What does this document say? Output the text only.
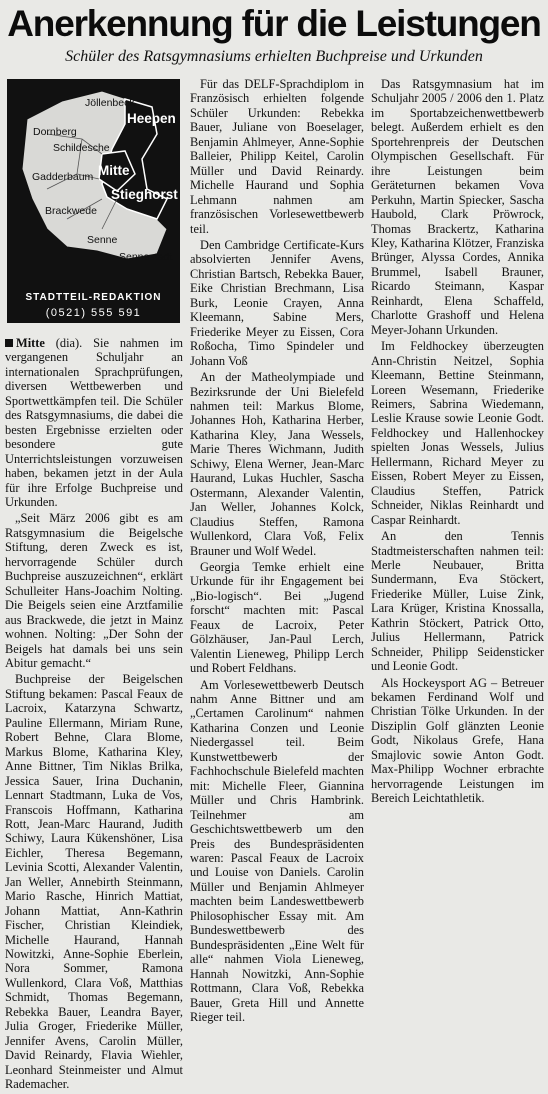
Anerkennung für die Leistungen
Schüler des Ratsgymnasiums erhielten Buchpreise und Urkunden
Jöllenbeck
Dornberg
Schildesche
Heepen
Mitte
Gadderbaum
Stieghorst
Brackwede
Senne
Sennestadt
STADTTEIL-REDAKTION
(0521) 555 591

Mitte (dia). Sie nahmen im vergangenen Schuljahr an internationalen Sprachprüfungen, diversen Wettbewerben und Sportwettkämpfen teil. Die Schüler des Ratsgymnasiums, die dabei die besten Ergebnisse erzielten oder besondere gute Unterrichtsleistungen vorzuweisen haben, bekamen jetzt in der Aula für ihre Erfolge Buchpreise und Urkunden.

„Seit März 2006 gibt es am Ratsgymnasium die Beigelsche Stiftung, deren Zweck es ist, hervorragende Schüler durch Buchpreise auszuzeichnen“, erklärt Schulleiter Hans-Joachim Nolting. Die Beigels seien eine Arztfamilie aus Brackwede, die jetzt in Mainz wohnen. Nolting: „Der Sohn der Beigels hat damals bei uns sein Abitur gemacht.“

Buchpreise der Beigelschen Stiftung bekamen: Pascal Feaux de Lacroix, Katarzyna Schwartz, Pauline Ellermann, Miriam Rune, Robert Behne, Clara Blome, Markus Blome, Katharina Kley, Anne Bittner, Tim Niklas Brilka, Jessica Sauer, Irina Duchanin, Lennart Stadtmann, Luka de Vos, Franscois Hoffmann, Katharina Rott, Jean-Marc Haurand, Judith Schiwy, Laura Kükenshöner, Lisa Eichler, Theresa Begemann, Levinia Scotti, Alexander Valentin, Jan Weller, Annebirth Steinmann, Mario Rasche, Hinrich Mattiat, Johann Mattiat, Ann-Kathrin Fischer, Christian Kleindiek, Michelle Haurand, Hannah Nowitzki, Anne-Sophie Eberlein, Nora Sommer, Ramona Wullenkord, Clara Voß, Matthias Schmidt, Thomas Begemann, Rebekka Bauer, Leandra Bayer, Julia Groger, Friederike Müller, Jennifer Avens, Carolin Müller, David Reinardy, Flavia Wiehler, Leonhard Steinmeister und Almut Rademacher.

Für das DELF-Sprachdiplom in Französisch erhielten folgende Schüler Urkunden: Rebekka Bauer, Juliane von Boeselager, Benjamin Ahlmeyer, Anne-Sophie Balleier, Philipp Keitel, Carolin Müller und David Reinardy. Michelle Haurand und Sophia Lehmann nahmen am französischen Vorlesewettbewerb teil.

Den Cambridge Certificate-Kurs absolvierten Jennifer Avens, Christian Bartsch, Rebekka Bauer, Eike Christian Brechmann, Lisa Burk, Leonie Crayen, Anna Kleemann, Sabine Mers, Friederike Meyer zu Eissen, Cora Roßocha, Timo Spindeler und Johann Voß

An der Matheolympiade und Bezirksrunde der Uni Bielefeld nahmen teil: Markus Blome, Johannes Hoh, Katharina Herber, Katharina Kley, Jana Wessels, Marie Theres Wichmann, Judith Schiwy, Elena Werner, Jean-Marc Haurand, Lukas Huchler, Sascha Ostermann, Alexander Valentin, Jan Weller, Johannes Kolck, Claudius Steffen, Ramona Wullenkord, Clara Voß, Felix Brauner und Wolf Wedel.

Georgia Temke erhielt eine Urkunde für ihr Engagement bei „Bio-logisch“. Bei „Jugend forscht“ machten mit: Pascal Feaux de Lacroix, Peter Gölzhäuser, Jan-Paul Lerch, Valentin Lieneweg, Philipp Lerch und Robert Feldhans.

Am Vorlesewettbewerb Deutsch nahm Anne Bittner und am „Certamen Carolinum“ nahmen Katharina Conzen und Leonie Niedergassel teil. Beim Kunstwettbewerb der Fachhochschule Bielefeld machten mit: Michelle Fleer, Giannina Müller und Chris Hambrink. Teilnehmer am Geschichtswettbewerb um den Preis des Bundespräsidenten waren: Pascal Feaux de Lacroix und Louise von Daniels. Carolin Müller und Benjamin Ahlmeyer machten beim Landeswettbewerb Philosophischer Essay mit. Am Bundeswettbewerb des Bundespräsidenten „Eine Welt für alle“ nahmen Viola Lieneweg, Hannah Nowitzki, Ann-Sophie Rottmann, Clara Voß, Rebekka Bauer, Greta Hill und Annette Rieger teil.

Das Ratsgymnasium hat im Schuljahr 2005 / 2006 den 1. Platz im Sportabzeichenwettbewerb belegt. Außerdem erhielt es den Sportehrenpreis der Deutschen Olympischen Gesellschaft. Für ihre Leistungen beim Geräteturnen bekamen Vova Perkuhn, Martin Spiecker, Sascha Haubold, Clark Pröwrock, Thomas Brackertz, Katharina Kley, Katharina Klötzer, Franziska Brünger, Alyssa Cordes, Annika Brummel, Isabell Brauner, Ricardo Steimann, Kaspar Reinhardt, Elena Schaffeld, Charlotte Grashoff und Helena Meyer-Johann Urkunden.

Im Feldhockey überzeugten Ann-Christin Neitzel, Sophia Kleemann, Bettine Steinmann, Loreen Wesemann, Friederike Reimers, Sabrina Wiedemann, Leslie Krause sowie Leonie Godt. Feldhockey und Hallenhockey spielten Jonas Wessels, Julius Hellermann, Richard Meyer zu Eissen, Robert Meyer zu Eissen, Claudius Steffen, Patrick Schneider, Niklas Reinhardt und Caspar Reinhardt.

An den Tennis Stadtmeisterschaften nahmen teil: Merle Neubauer, Britta Sundermann, Eva Stöckert, Friederike Müller, Luise Zink, Lara Krüger, Kristina Knossalla, Kathrin Stöckert, Patrick Otto, Julius Hellermann, Patrick Schneider, Philipp Seidensticker und Leonie Godt.

Als Hockeysport AG – Betreuer bekamen Ferdinand Wolf und Christian Tölke Urkunden. In der Disziplin Golf glänzten Leonie Godt, Nikolaus Grefe, Hana Smajlovic sowie Anton Godt. Max-Philipp Wochner erbrachte hervorragende Leistungen im Bereich Leichtathletik.
